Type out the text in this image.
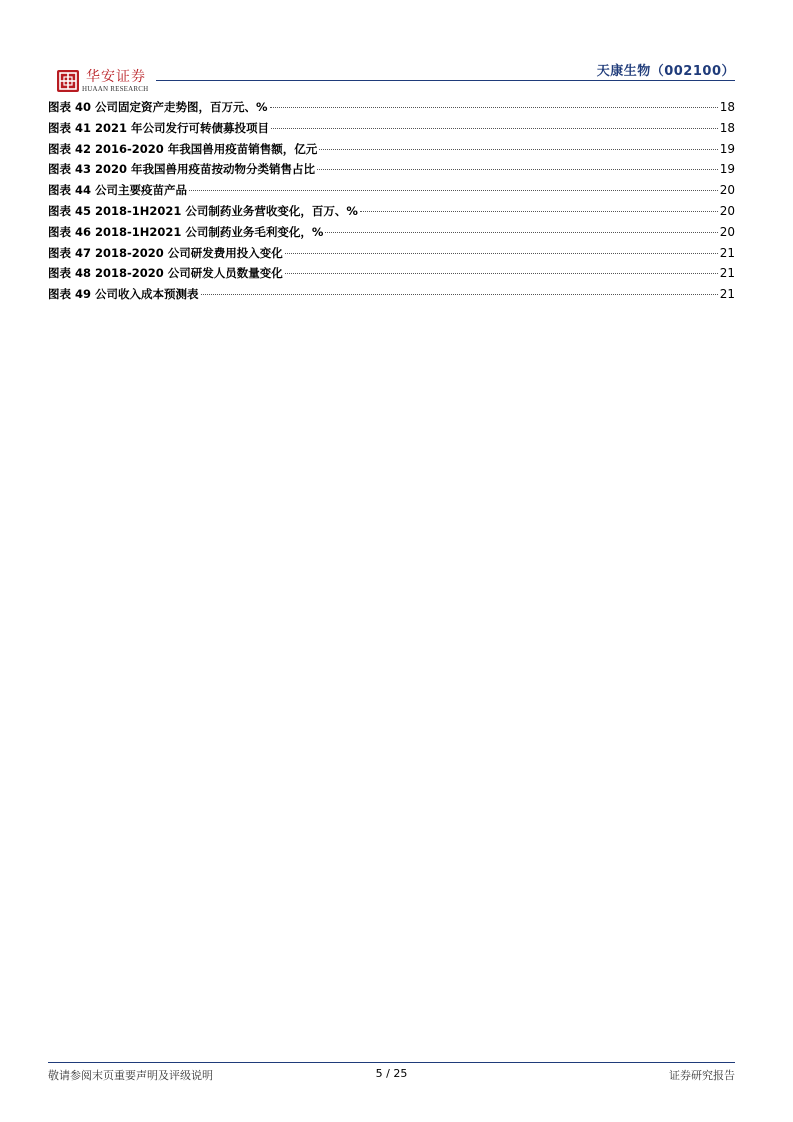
华安证券
HUAAN RESEARCH
天康生物（002100）
图表 40 公司固定资产走势图，百万元、%	18
图表 41 2021 年公司发行可转债募投项目	18
图表 42 2016-2020 年我国兽用疫苗销售额，亿元	19
图表 43 2020 年我国兽用疫苗按动物分类销售占比	19
图表 44 公司主要疫苗产品	20
图表 45 2018-1H2021 公司制药业务营收变化，百万、%	20
图表 46 2018-1H2021 公司制药业务毛利变化，%	20
图表 47 2018-2020 公司研发费用投入变化	21
图表 48 2018-2020 公司研发人员数量变化	21
图表 49 公司收入成本预测表	21
敬请参阅末页重要声明及评级说明	5 / 25	证券研究报告
